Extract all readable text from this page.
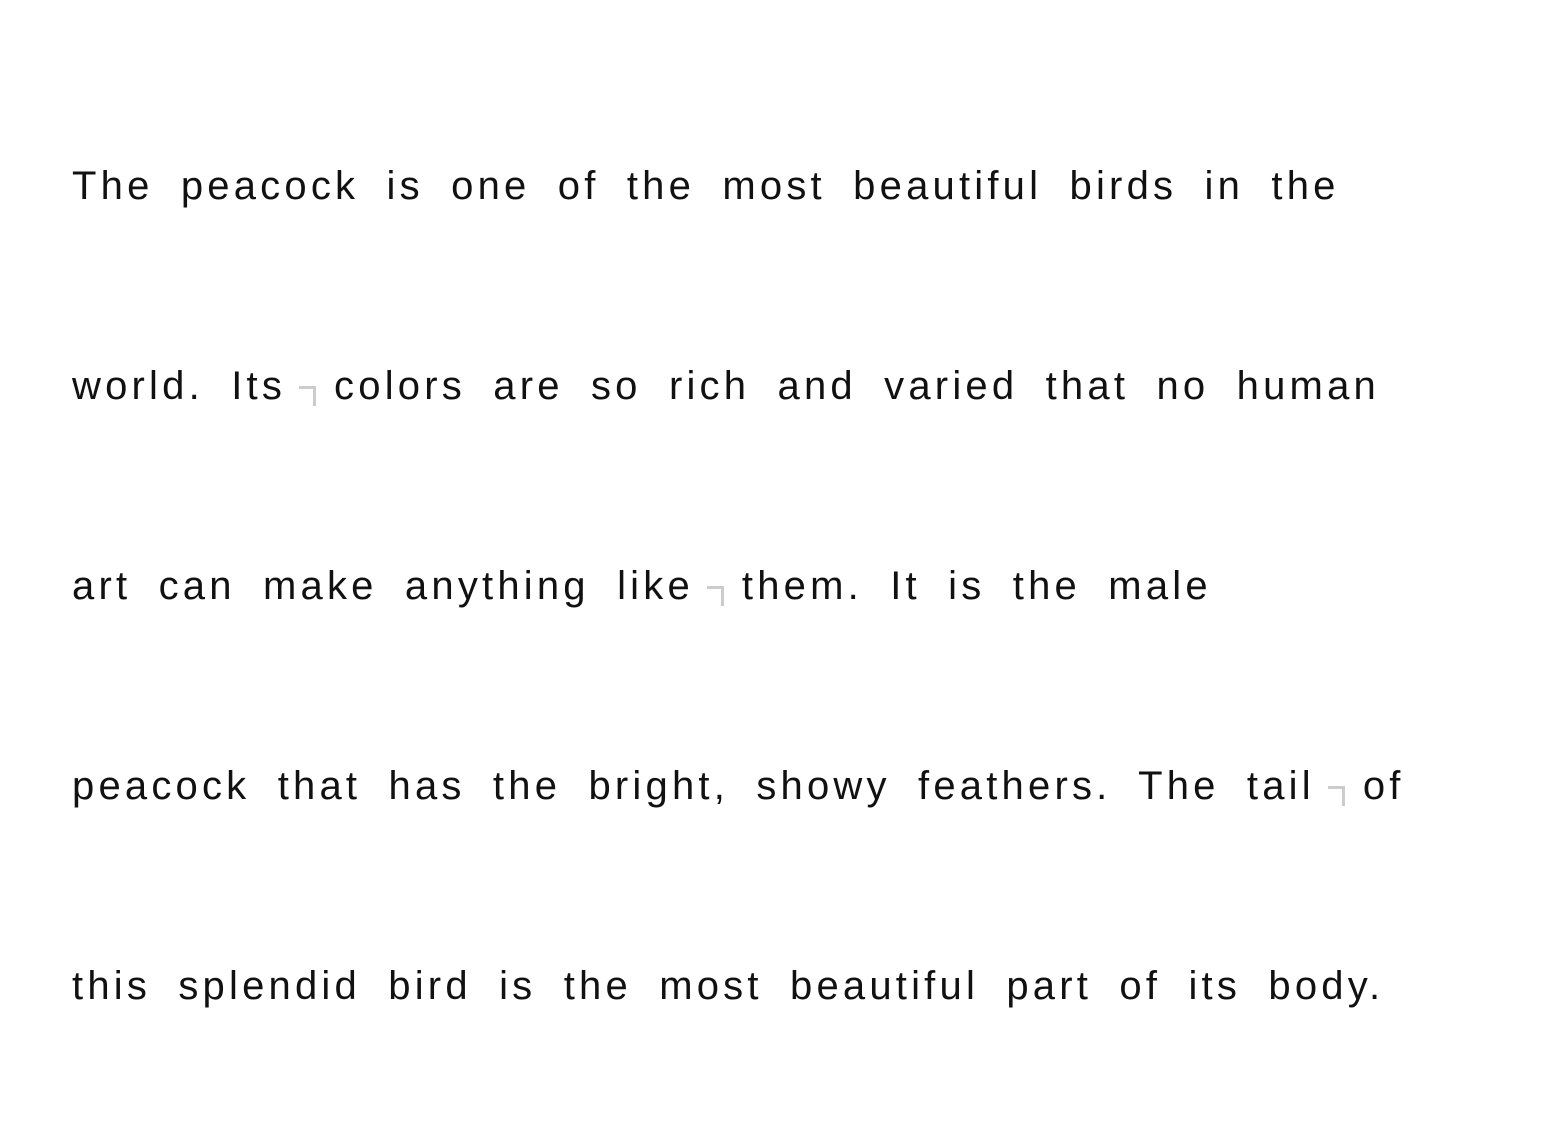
The peacock is one of the most beautiful birds in the
world. Its colors are so rich and varied that no human
art can make anything like them. It is the male
peacock that has the bright, showy feathers. The tail of
this splendid bird is the most beautiful part of its body.
